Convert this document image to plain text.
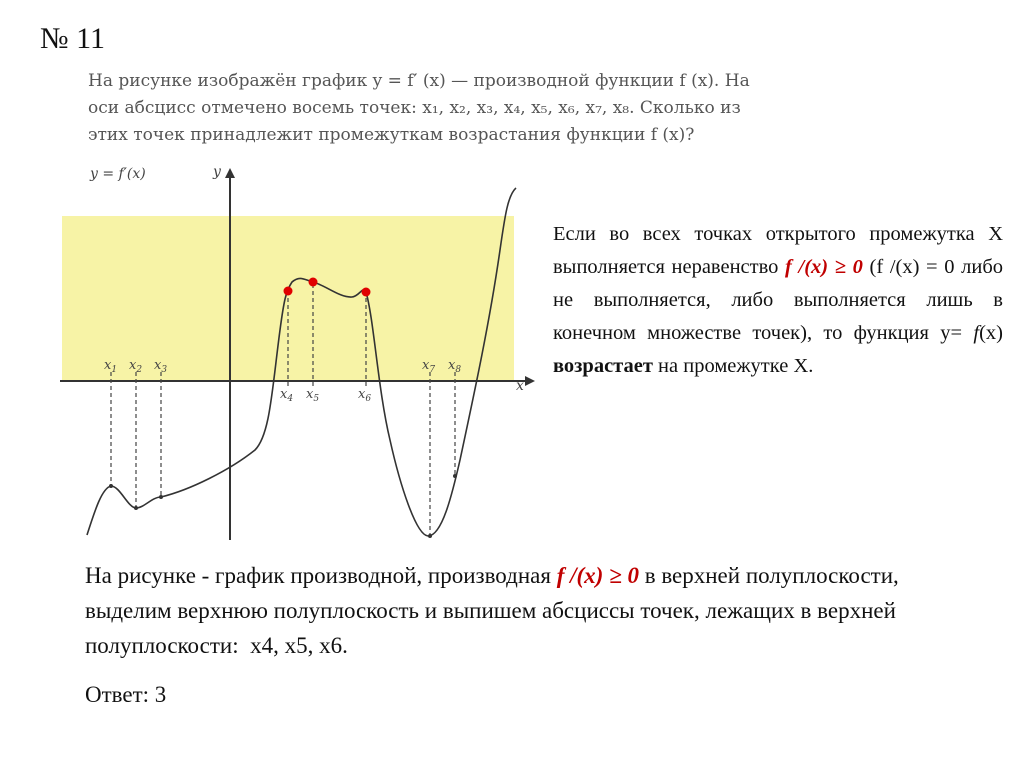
№ 11
На рисунке изображён график y = f′ (x) — производной функции f (x). На
оси абсцисс отмечено восемь точек: x₁, x₂, x₃, x₄, x₅, x₆, x₇, x₈. Сколько из
этих точек принадлежит промежуткам возрастания функции f (x)?
y = f′(x)	y
x
$x_1$ $x_2$ $x_3$
$x_4$ $x_5$	$x_6$
$x_7$ $x_8$
Если во всех точках открытого промежутка X выполняется неравенство f /(x) ≥ 0 (f /(x) = 0 либо не выполняется, либо выполняется лишь в конечном множестве точек), то функция y= f(x) возрастает на промежутке X.
На рисунке - график производной, производная f /(x) ≥ 0 в верхней полуплоскости, выделим верхнюю полуплоскость и выпишем абсциссы точек, лежащих в верхней полуплоскости: x4, x5, x6.
Ответ: 3
